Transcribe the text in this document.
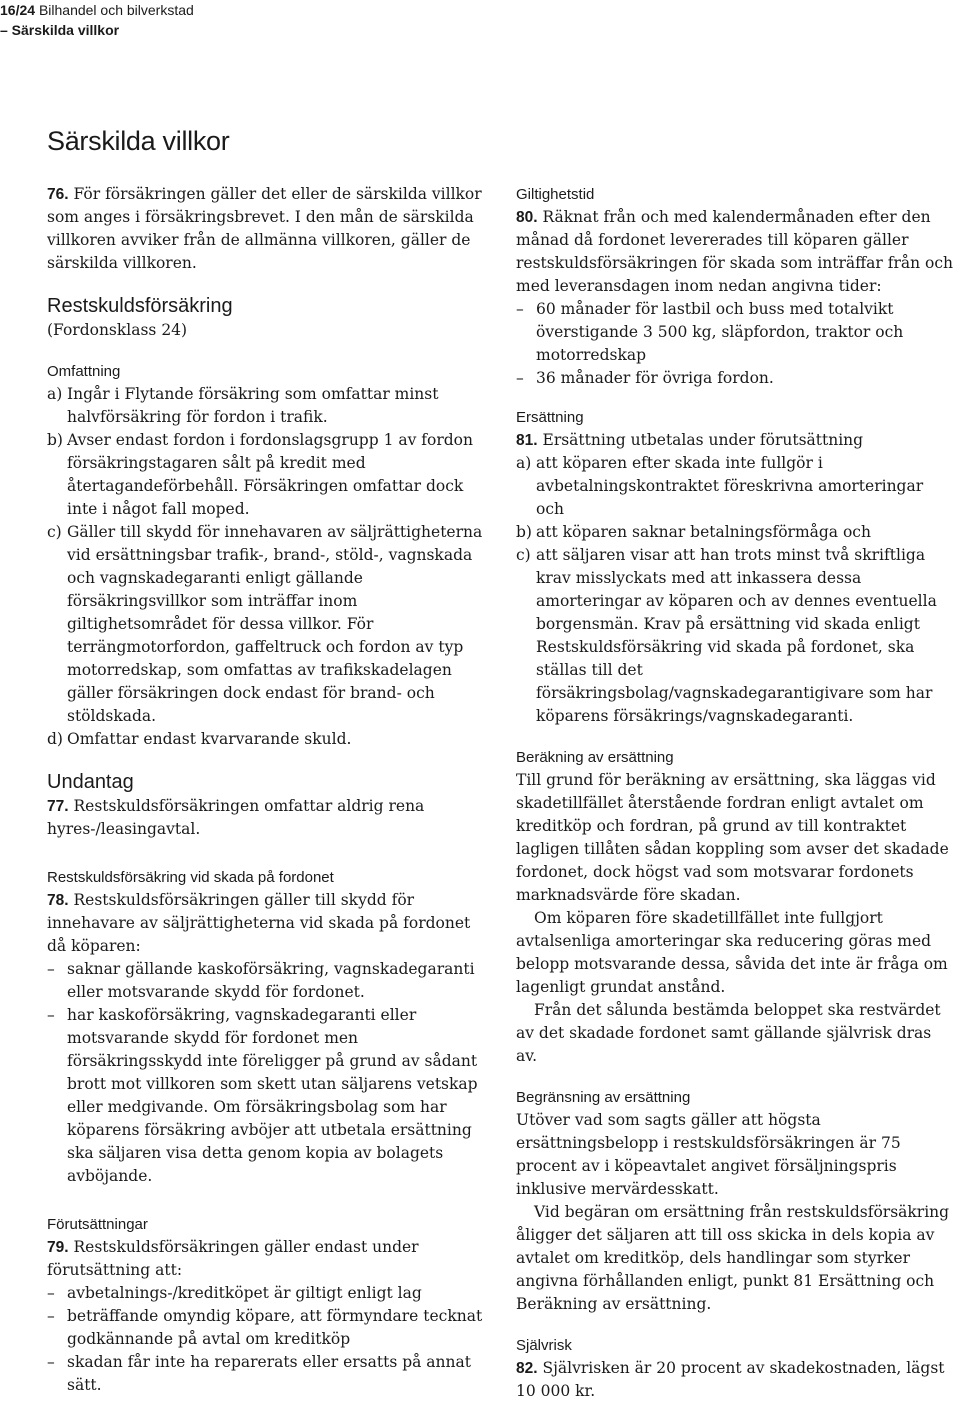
16/24 Bilhandel och bilverkstad
– Särskilda villkor
Särskilda villkor

76. För försäkringen gäller det eller de särskilda villkor som anges i försäkringsbrevet. I den mån de särskilda villkoren avviker från de allmänna villkoren, gäller de särskilda villkoren.

Restskuldsförsäkring

(Fordonsklass 24)

Omfattning
a) Ingår i Flytande försäkring som omfattar minst halvförsäkring för fordon i trafik.
b) Avser endast fordon i fordonslagsgrupp 1 av fordon försäkringstagaren sålt på kredit med återtagandeförbehåll. Försäkringen omfattar dock inte i något fall moped.
c) Gäller till skydd för innehavaren av säljrättigheterna vid ersättningsbar trafik-, brand-, stöld-, vagnskada och vagnskadegaranti enligt gällande försäkringsvillkor som inträffar inom giltighetsområdet för dessa villkor. För terrängmotorfordon, gaffeltruck och fordon av typ motorredskap, som omfattas av trafikskadelagen gäller försäkringen dock endast för brand- och stöldskada.
d) Omfattar endast kvarvarande skuld.
Undantag

77. Restskuldsförsäkringen omfattar aldrig rena hyres-/leasingavtal.

Restskuldsförsäkring vid skada på fordonet

78. Restskuldsförsäkringen gäller till skydd för innehavare av säljrättigheterna vid skada på fordonet då köparen:

– saknar gällande kaskoförsäkring, vagnskadegaranti eller motsvarande skydd för fordonet.
– har kaskoförsäkring, vagnskadegaranti eller motsvarande skydd för fordonet men försäkringsskydd inte föreligger på grund av sådant brott mot villkoren som skett utan säljarens vetskap eller medgivande. Om försäkringsbolag som har köparens försäkring avböjer att utbetala ersättning ska säljaren visa detta genom kopia av bolagets avböjande.
Förutsättningar

79. Restskuldsförsäkringen gäller endast under förutsättning att:

– avbetalnings-/kreditköpet är giltigt enligt lag
– beträffande omyndig köpare, att förmyndare tecknat godkännande på avtal om kreditköp
– skadan får inte ha reparerats eller ersatts på annat sätt.
Giltighetstid

80. Räknat från och med kalendermånaden efter den månad då fordonet levererades till köparen gäller restskuldsförsäkringen för skada som inträffar från och med leveransdagen inom nedan angivna tider:

– 60 månader för lastbil och buss med totalvikt överstigande 3 500 kg, släpfordon, traktor och motorredskap
– 36 månader för övriga fordon.
Ersättning

81. Ersättning utbetalas under förutsättning

a) att köparen efter skada inte fullgör i avbetalningskontraktet föreskrivna amorteringar och
b) att köparen saknar betalningsförmåga och
c) att säljaren visar att han trots minst två skriftliga krav misslyckats med att inkassera dessa amorteringar av köparen och av dennes eventuella borgensmän. Krav på ersättning vid skada enligt Restskuldsförsäkring vid skada på fordonet, ska ställas till det försäkringsbolag/vagnskadegarantigivare som har köparens försäkrings/vagnskadegaranti.
Beräkning av ersättning

Till grund för beräkning av ersättning, ska läggas vid skadetillfället återstående fordran enligt avtalet om kreditköp och fordran, på grund av till kontraktet lagligen tillåten sådan koppling som avser det skadade fordonet, dock högst vad som motsvarar fordonets marknadsvärde före skadan.

Om köparen före skadetillfället inte fullgjort avtalsenliga amorteringar ska reducering göras med belopp motsvarande dessa, såvida det inte är fråga om lagenligt grundat anstånd.

Från det sålunda bestämda beloppet ska restvärdet av det skadade fordonet samt gällande självrisk dras av.

Begränsning av ersättning

Utöver vad som sagts gäller att högsta ersättningsbelopp i restskuldsförsäkringen är 75 procent av i köpeavtalet angivet försäljningspris inklusive mervärdesskatt.

Vid begäran om ersättning från restskuldsförsäkring åligger det säljaren att till oss skicka in dels kopia av avtalet om kreditköp, dels handlingar som styrker angivna förhållanden enligt, punkt 81 Ersättning och Beräkning av ersättning.

Självrisk

82. Självrisken är 20 procent av skadekostnaden, lägst 10 000 kr.
